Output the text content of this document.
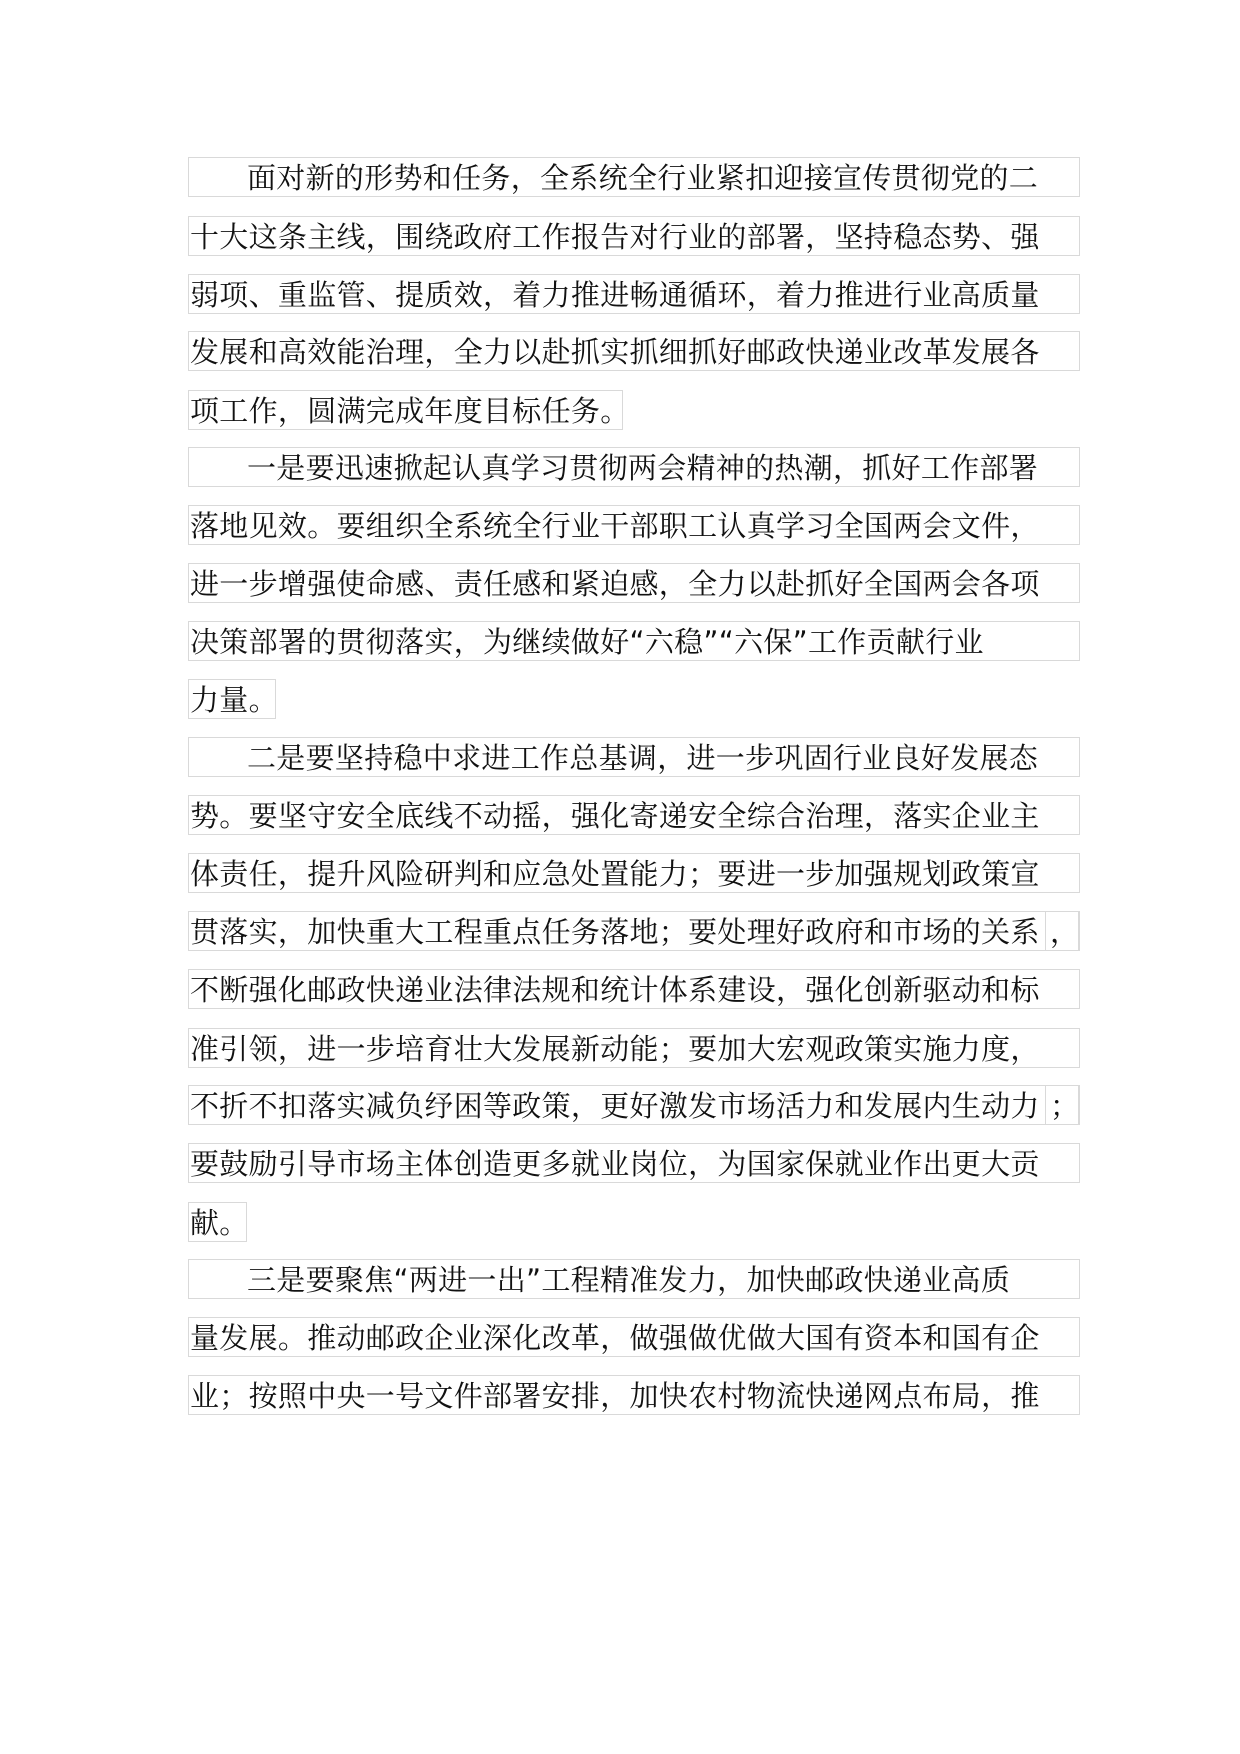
面对新的形势和任务，全系统全行业紧扣迎接宣传贯彻党的二
十大这条主线，围绕政府工作报告对行业的部署，坚持稳态势、强
弱项、重监管、提质效，着力推进畅通循环，着力推进行业高质量
发展和高效能治理，全力以赴抓实抓细抓好邮政快递业改革发展各
项工作，圆满完成年度目标任务。
一是要迅速掀起认真学习贯彻两会精神的热潮，抓好工作部署
落地见效。要组织全系统全行业干部职工认真学习全国两会文件，
进一步增强使命感、责任感和紧迫感，全力以赴抓好全国两会各项
决策部署的贯彻落实，为继续做好“六稳”“六保”工作贡献行业
力量。
二是要坚持稳中求进工作总基调，进一步巩固行业良好发展态
势。要坚守安全底线不动摇，强化寄递安全综合治理，落实企业主
体责任，提升风险研判和应急处置能力；要进一步加强规划政策宣
贯落实，加快重大工程重点任务落地；要处理好政府和市场的关系 ，
不断强化邮政快递业法律法规和统计体系建设，强化创新驱动和标
准引领，进一步培育壮大发展新动能；要加大宏观政策实施力度，
不折不扣落实减负纾困等政策，更好激发市场活力和发展内生动力 ；
要鼓励引导市场主体创造更多就业岗位，为国家保就业作出更大贡
献。
三是要聚焦“两进一出”工程精准发力，加快邮政快递业高质
量发展。推动邮政企业深化改革，做强做优做大国有资本和国有企
业；按照中央一号文件部署安排，加快农村物流快递网点布局，推
